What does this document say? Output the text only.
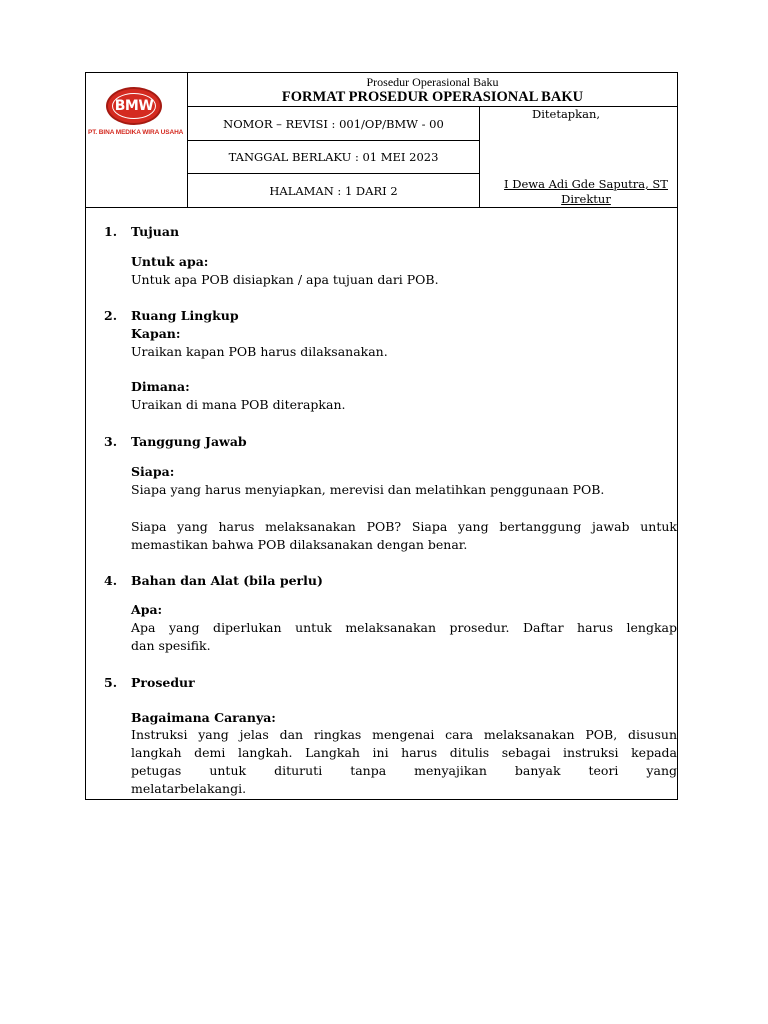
BMW
PT. BINA MEDIKA WIRA USAHA
Prosedur Operasional Baku
FORMAT PROSEDUR OPERASIONAL BAKU
NOMOR – REVISI : 001/OP/BMW - 00
TANGGAL BERLAKU : 01 MEI 2023
HALAMAN : 1 DARI 2
Ditetapkan,
I Dewa Adi Gde Saputra, ST
Direktur
1. Tujuan
Untuk apa:
Untuk apa POB disiapkan / apa tujuan dari POB.
2. Ruang Lingkup
Kapan:
Uraikan kapan POB harus dilaksanakan.
Dimana:
Uraikan di mana POB diterapkan.
3. Tanggung Jawab
Siapa:
Siapa yang harus menyiapkan, merevisi dan melatihkan penggunaan POB.
Siapa yang harus melaksanakan POB? Siapa yang bertanggung jawab untuk
memastikan bahwa POB dilaksanakan dengan benar.
4. Bahan dan Alat (bila perlu)
Apa:
Apa yang diperlukan untuk melaksanakan prosedur. Daftar harus lengkap
dan spesifik.
5. Prosedur
Bagaimana Caranya:
Instruksi yang jelas dan ringkas mengenai cara melaksanakan POB, disusun
langkah demi langkah. Langkah ini harus ditulis sebagai instruksi kepada
petugas untuk dituruti tanpa menyajikan banyak teori yang
melatarbelakangi.
